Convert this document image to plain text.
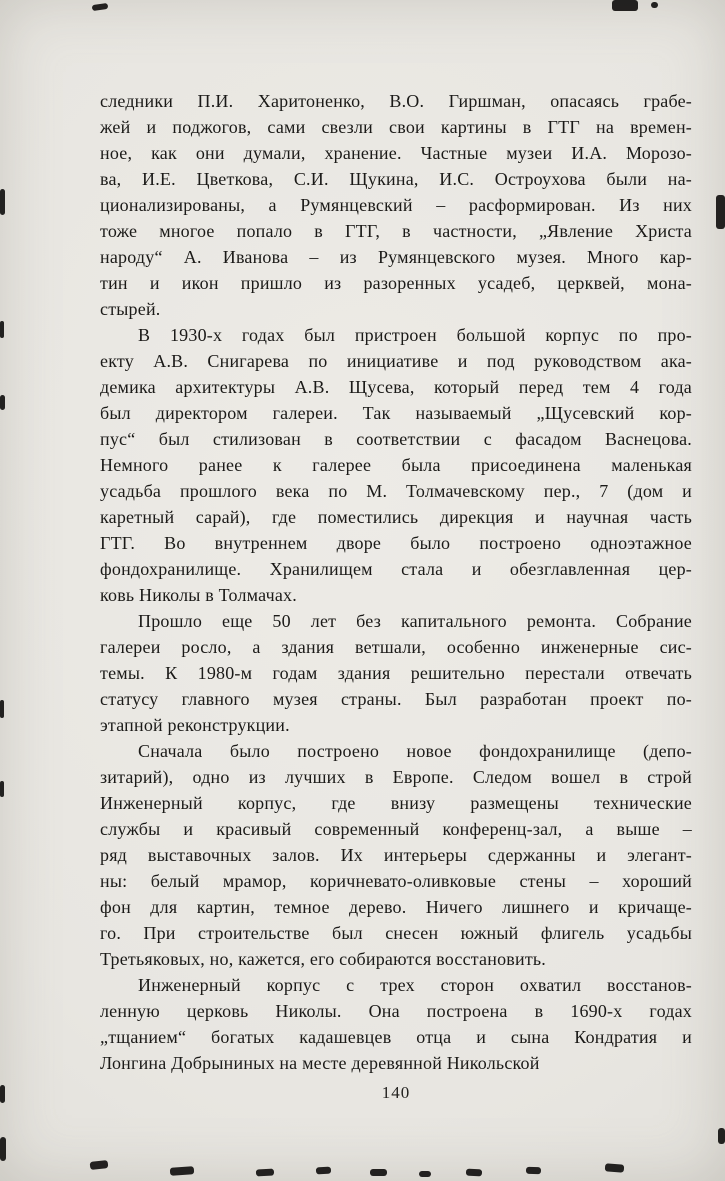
следники П.И. Харитоненко, В.О. Гиршман, опасаясь грабе-
жей и поджогов, сами свезли свои картины в ГТГ на времен-
ное, как они думали, хранение. Частные музеи И.А. Морозо-
ва, И.Е. Цветкова, С.И. Щукина, И.С. Остроухова были на-
ционализированы, а Румянцевский – расформирован. Из них
тоже многое попало в ГТГ, в частности, „Явление Христа
народу“ А. Иванова – из Румянцевского музея. Много кар-
тин и икон пришло из разоренных усадеб, церквей, мона-
стырей.
В 1930-х годах был пристроен большой корпус по про-
екту А.В. Снигарева по инициативе и под руководством ака-
демика архитектуры А.В. Щусева, который перед тем 4 года
был директором галереи. Так называемый „Щусевский кор-
пус“ был стилизован в соответствии с фасадом Васнецова.
Немного ранее к галерее была присоединена маленькая
усадьба прошлого века по М. Толмачевскому пер., 7 (дом и
каретный сарай), где поместились дирекция и научная часть
ГТГ. Во внутреннем дворе было построено одноэтажное
фондохранилище. Хранилищем стала и обезглавленная цер-
ковь Николы в Толмачах.
Прошло еще 50 лет без капитального ремонта. Собрание
галереи росло, а здания ветшали, особенно инженерные сис-
темы. К 1980-м годам здания решительно перестали отвечать
статусу главного музея страны. Был разработан проект по-
этапной реконструкции.
Сначала было построено новое фондохранилище (депо-
зитарий), одно из лучших в Европе. Следом вошел в строй
Инженерный корпус, где внизу размещены технические
службы и красивый современный конференц-зал, а выше –
ряд выставочных залов. Их интерьеры сдержанны и элегант-
ны: белый мрамор, коричневато-оливковые стены – хороший
фон для картин, темное дерево. Ничего лишнего и кричаще-
го. При строительстве был снесен южный флигель усадьбы
Третьяковых, но, кажется, его собираются восстановить.
Инженерный корпус с трех сторон охватил восстанов-
ленную церковь Николы. Она построена в 1690-х годах
„тщанием“ богатых кадашевцев отца и сына Кондратия и
Лонгина Добрыниных на месте деревянной Никольской
140
